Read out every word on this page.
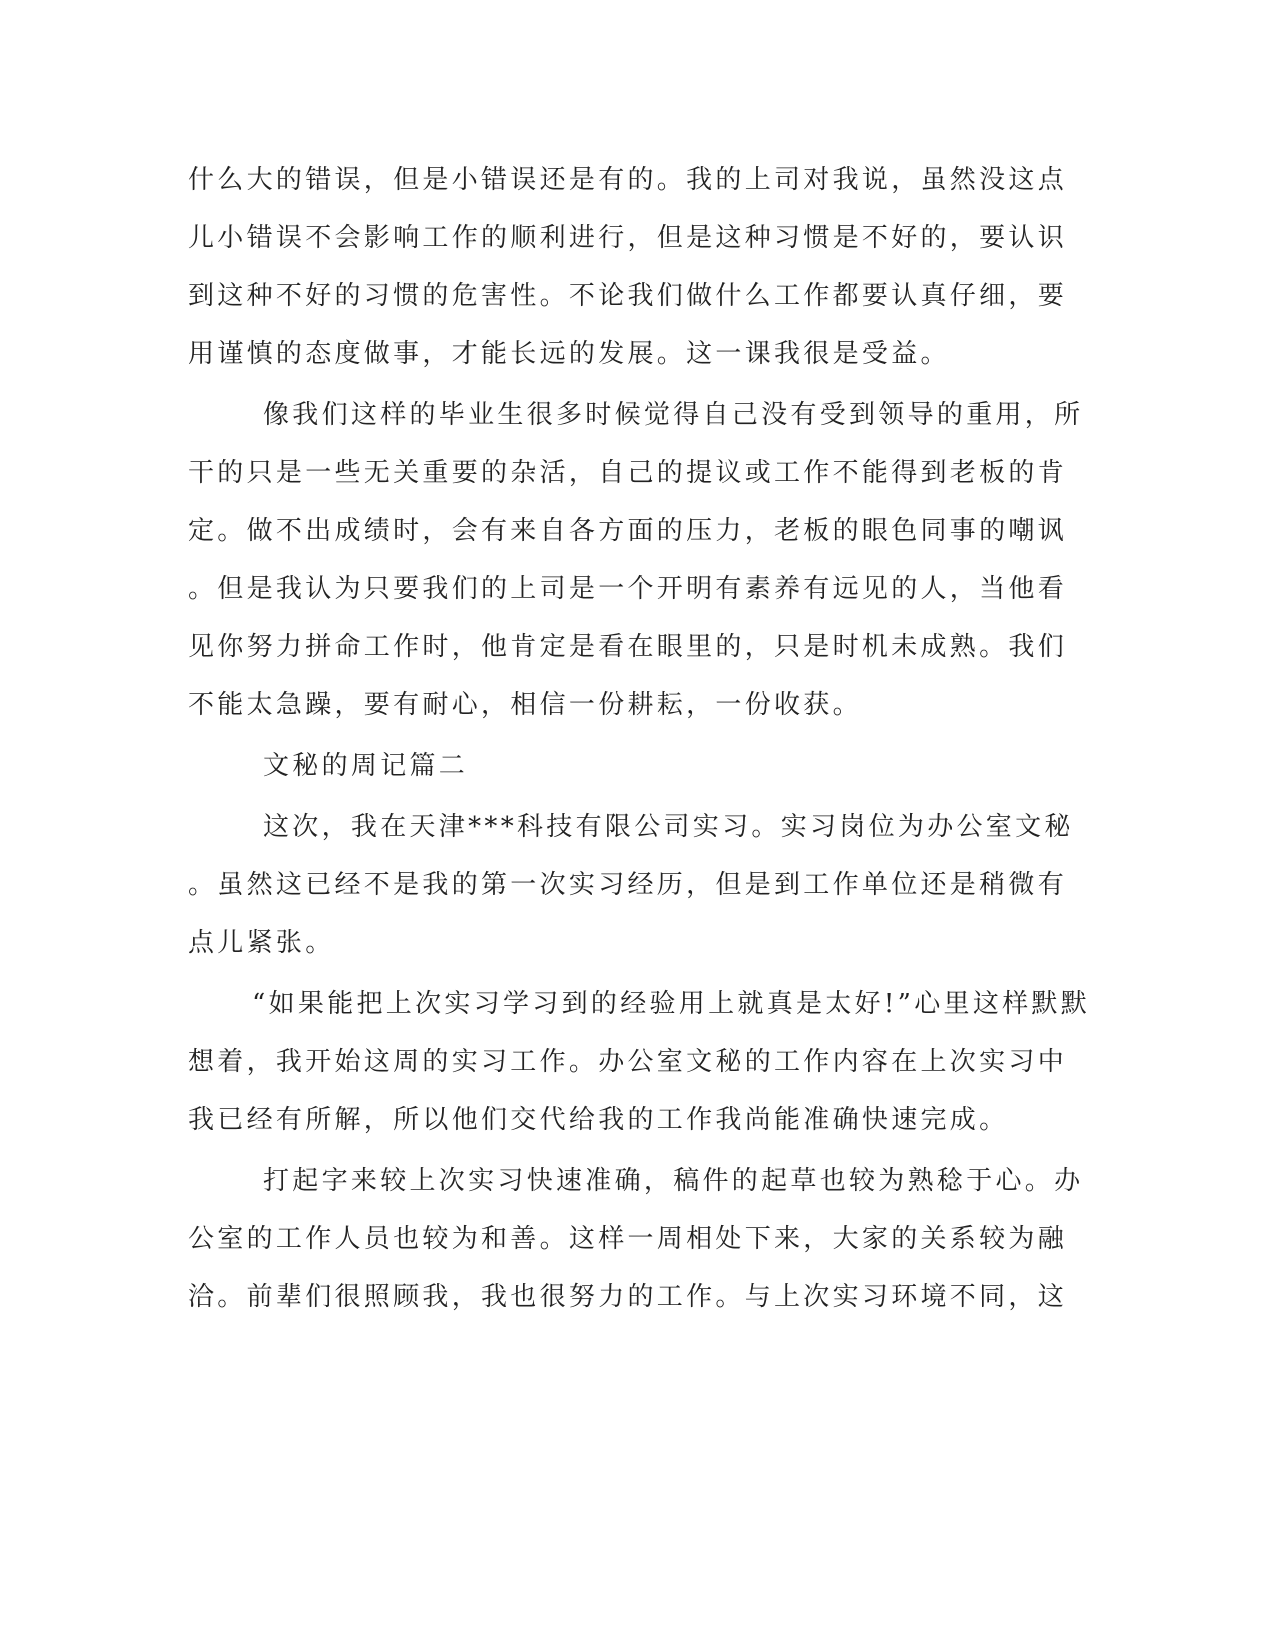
什么大的错误，但是小错误还是有的。我的上司对我说，虽然没这点

儿小错误不会影响工作的顺利进行，但是这种习惯是不好的，要认识

到这种不好的习惯的危害性。不论我们做什么工作都要认真仔细，要

用谨慎的态度做事，才能长远的发展。这一课我很是受益。

像我们这样的毕业生很多时候觉得自己没有受到领导的重用，所

干的只是一些无关重要的杂活，自己的提议或工作不能得到老板的肯

定。做不出成绩时，会有来自各方面的压力，老板的眼色同事的嘲讽

。但是我认为只要我们的上司是一个开明有素养有远见的人，当他看

见你努力拼命工作时，他肯定是看在眼里的，只是时机未成熟。我们

不能太急躁，要有耐心，相信一份耕耘，一份收获。

文秘的周记篇二

这次，我在天津***科技有限公司实习。实习岗位为办公室文秘

。虽然这已经不是我的第一次实习经历，但是到工作单位还是稍微有

点儿紧张。

“如果能把上次实习学习到的经验用上就真是太好!”心里这样默默

想着，我开始这周的实习工作。办公室文秘的工作内容在上次实习中

我已经有所解，所以他们交代给我的工作我尚能准确快速完成。

打起字来较上次实习快速准确，稿件的起草也较为熟稔于心。办

公室的工作人员也较为和善。这样一周相处下来，大家的关系较为融

洽。前辈们很照顾我，我也很努力的工作。与上次实习环境不同，这
